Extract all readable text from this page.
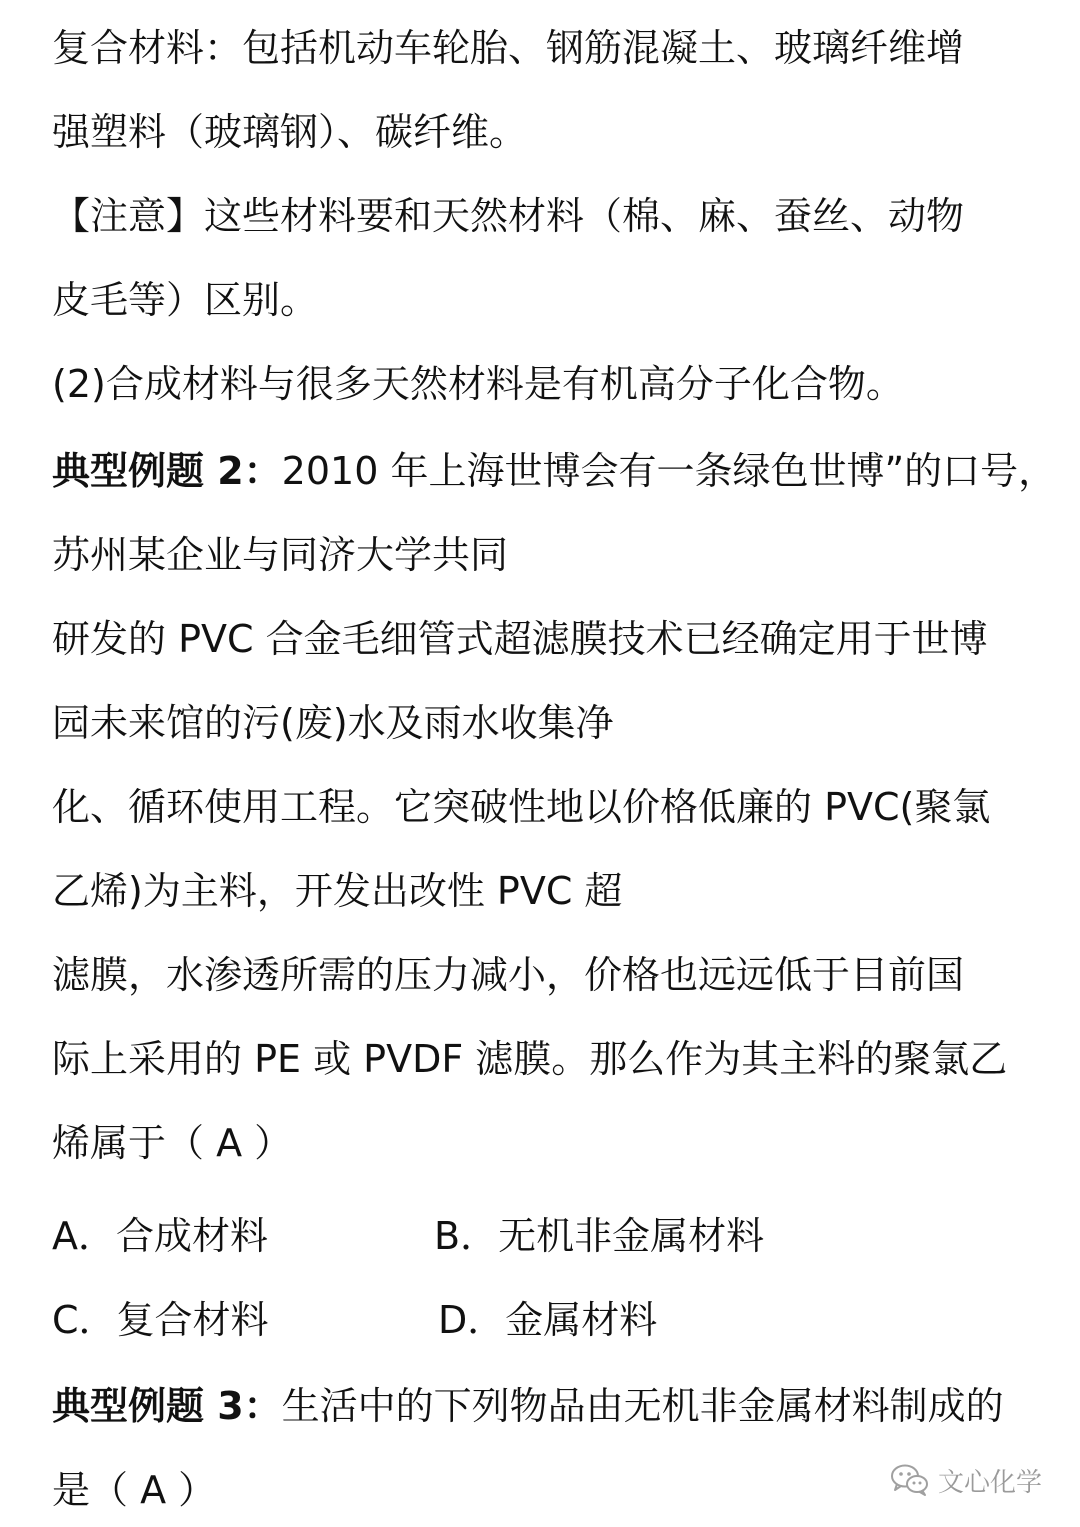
复合材料：包括机动车轮胎、钢筋混凝土、玻璃纤维增
强塑料（玻璃钢）、碳纤维。
【注意】这些材料要和天然材料（棉、麻、蚕丝、动物
皮毛等）区别。
(2)合成材料与很多天然材料是有机高分子化合物。
典型例题 2：2010 年上海世博会有一条绿色世博”的口号，
苏州某企业与同济大学共同
研发的 PVC 合金毛细管式超滤膜技术已经确定用于世博
园未来馆的污(废)水及雨水收集净
化、循环使用工程。它突破性地以价格低廉的 PVC(聚氯
乙烯)为主料，开发出改性 PVC 超
滤膜，水渗透所需的压力减小，价格也远远低于目前国
际上采用的 PE 或 PVDF 滤膜。那么作为其主料的聚氯乙
烯属于（ A ）
A．合成材料	B．无机非金属材料
C．复合材料	D．金属材料
典型例题 3：生活中的下列物品由无机非金属材料制成的
是（ A ）	文心化学
